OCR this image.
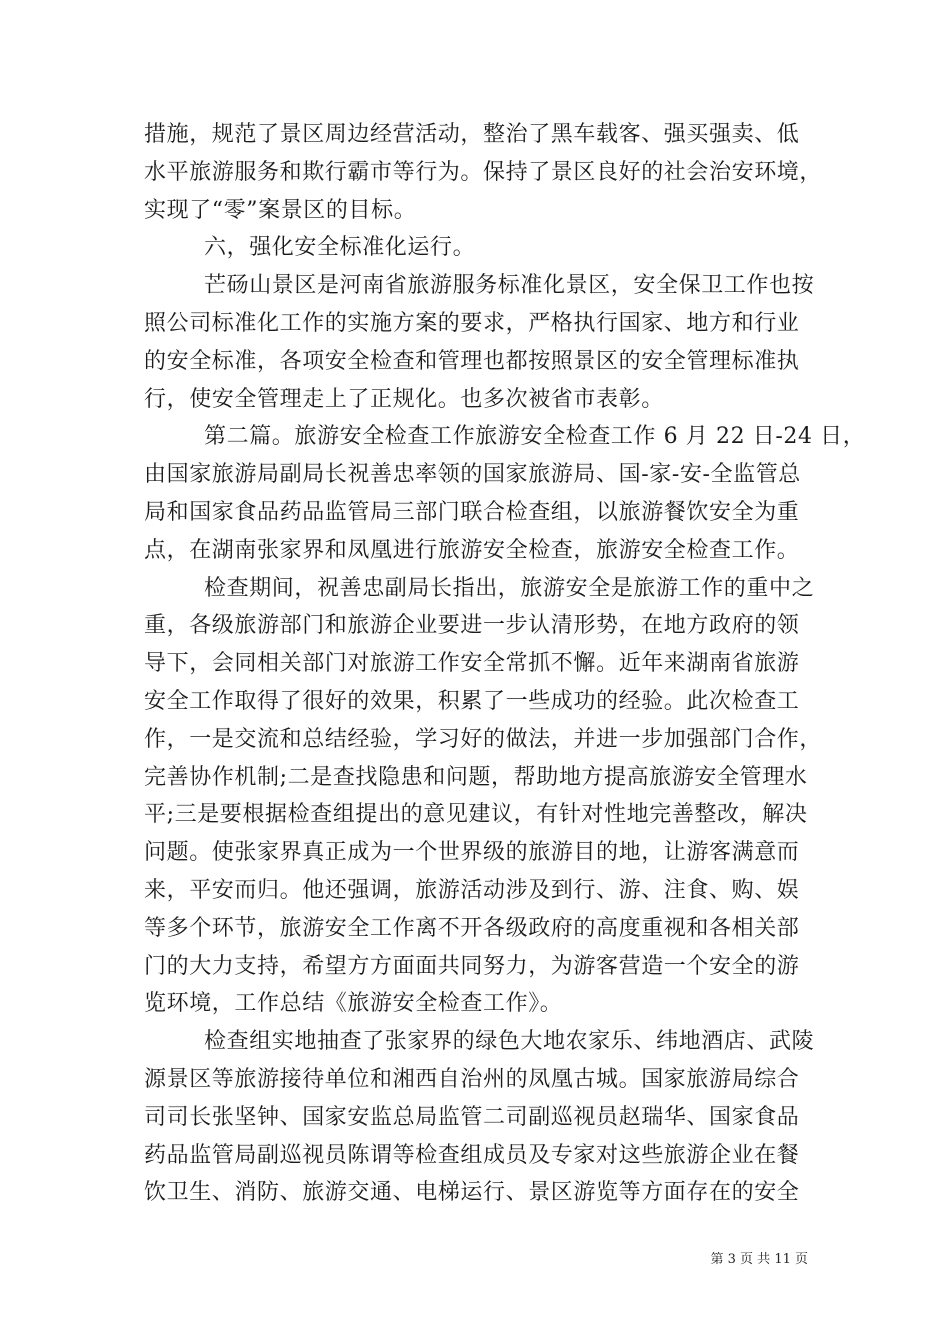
措施，规范了景区周边经营活动，整治了黑车载客、强买强卖、低
水平旅游服务和欺行霸市等行为。保持了景区良好的社会治安环境，
实现了“零”案景区的目标。

六，强化安全标准化运行。

芒砀山景区是河南省旅游服务标准化景区，安全保卫工作也按
照公司标准化工作的实施方案的要求，严格执行国家、地方和行业
的安全标准，各项安全检查和管理也都按照景区的安全管理标准执
行，使安全管理走上了正规化。也多次被省市表彰。

第二篇。旅游安全检查工作旅游安全检查工作 6 月 22 日-24 日，
由国家旅游局副局长祝善忠率领的国家旅游局、国-家-安-全监管总
局和国家食品药品监管局三部门联合检查组，以旅游餐饮安全为重
点，在湖南张家界和凤凰进行旅游安全检查，旅游安全检查工作。

检查期间，祝善忠副局长指出，旅游安全是旅游工作的重中之
重，各级旅游部门和旅游企业要进一步认清形势，在地方政府的领
导下，会同相关部门对旅游工作安全常抓不懈。近年来湖南省旅游
安全工作取得了很好的效果，积累了一些成功的经验。此次检查工
作，一是交流和总结经验，学习好的做法，并进一步加强部门合作，
完善协作机制;二是查找隐患和问题，帮助地方提高旅游安全管理水
平;三是要根据检查组提出的意见建议，有针对性地完善整改，解决
问题。使张家界真正成为一个世界级的旅游目的地，让游客满意而
来，平安而归。他还强调，旅游活动涉及到行、游、注食、购、娱
等多个环节，旅游安全工作离不开各级政府的高度重视和各相关部
门的大力支持，希望方方面面共同努力，为游客营造一个安全的游
览环境，工作总结《旅游安全检查工作》。

检查组实地抽查了张家界的绿色大地农家乐、纬地酒店、武陵
源景区等旅游接待单位和湘西自治州的凤凰古城。国家旅游局综合
司司长张坚钟、国家安监总局监管二司副巡视员赵瑞华、国家食品
药品监管局副巡视员陈谓等检查组成员及专家对这些旅游企业在餐
饮卫生、消防、旅游交通、电梯运行、景区游览等方面存在的安全

第 3 页 共 11 页
